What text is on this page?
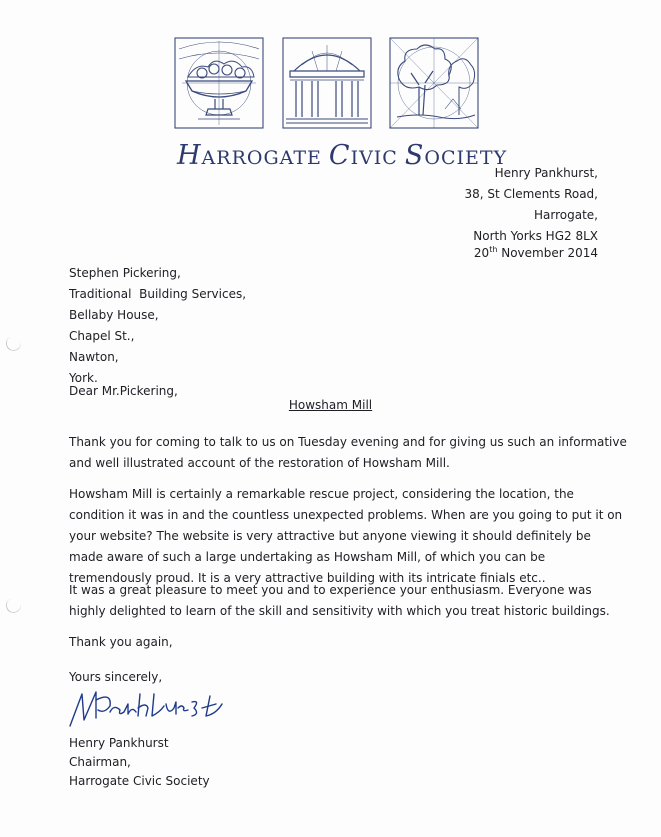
HARROGATE CIVIC SOCIETY
Henry Pankhurst,
38, St Clements Road,
Harrogate,
North Yorks HG2 8LX
20th November 2014
Stephen Pickering,
Traditional  Building Services,
Bellaby House,
Chapel St.,
Nawton,
York.
Dear Mr.Pickering,
Howsham Mill
Thank you for coming to talk to us on Tuesday evening and for giving us such an informative
and well illustrated account of the restoration of Howsham Mill.
Howsham Mill is certainly a remarkable rescue project, considering the location, the
condition it was in and the countless unexpected problems. When are you going to put it on
your website? The website is very attractive but anyone viewing it should definitely be
made aware of such a large undertaking as Howsham Mill, of which you can be
tremendously proud. It is a very attractive building with its intricate finials etc..
It was a great pleasure to meet you and to experience your enthusiasm. Everyone was
highly delighted to learn of the skill and sensitivity with which you treat historic buildings.
Thank you again,
Yours sincerely,
Henry Pankhurst
Chairman,
Harrogate Civic Society
